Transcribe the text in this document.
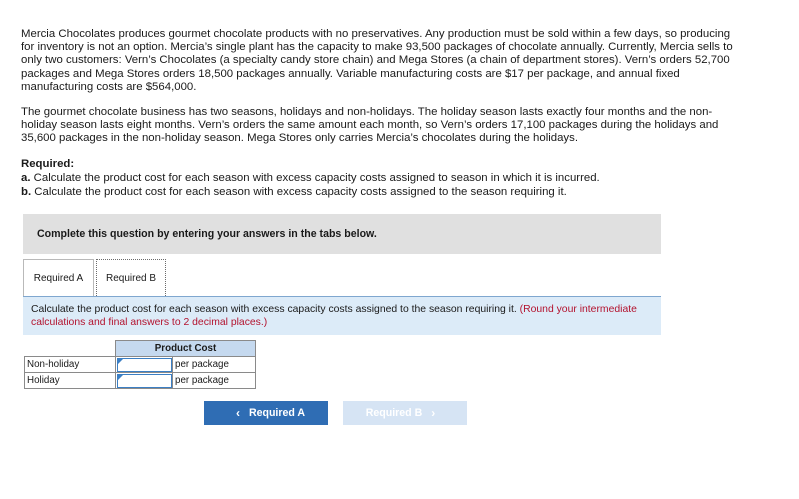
Mercia Chocolates produces gourmet chocolate products with no preservatives. Any production must be sold within a few days, so producing for inventory is not an option. Mercia’s single plant has the capacity to make 93,500 packages of chocolate annually. Currently, Mercia sells to only two customers: Vern’s Chocolates (a specialty candy store chain) and Mega Stores (a chain of department stores). Vern’s orders 52,700 packages and Mega Stores orders 18,500 packages annually. Variable manufacturing costs are $17 per package, and annual fixed manufacturing costs are $564,000.

The gourmet chocolate business has two seasons, holidays and non-holidays. The holiday season lasts exactly four months and the non-holiday season lasts eight months. Vern’s orders the same amount each month, so Vern’s orders 17,100 packages during the holidays and 35,600 packages in the non-holiday season. Mega Stores only carries Mercia’s chocolates during the holidays.

Required:
a. Calculate the product cost for each season with excess capacity costs assigned to season in which it is incurred.
b. Calculate the product cost for each season with excess capacity costs assigned to the season requiring it.
Complete this question by entering your answers in the tabs below.
Required A	Required B
Calculate the product cost for each season with excess capacity costs assigned to the season requiring it. (Round your intermediate calculations and final answers to 2 decimal places.)
	Product Cost	
Non-holiday		per package
Holiday		per package
‹ Required A	Required B ›
